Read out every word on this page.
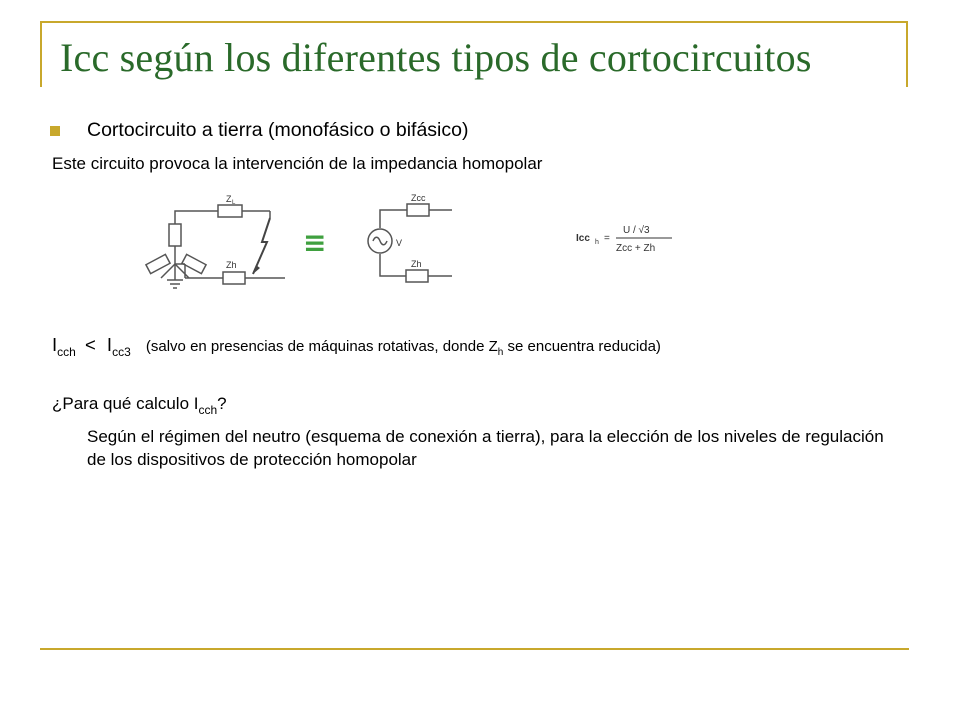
Icc según los diferentes tipos de cortocircuitos
Cortocircuito a tierra (monofásico o bifásico)
Este circuito provoca la intervención de la impedancia homopolar
Z L
Zh
Zcc
V
Zh
≡	Icc h =
U / √3
Zcc + Zh
$I_{cch} < I_{cc3}$ (salvo en presencias de máquinas rotativas, donde $Z_h$ se encuentra reducida)
¿Para qué calculo $I_{cch}$?
Según el régimen del neutro (esquema de conexión a tierra), para la elección de los niveles de regulación de los dispositivos de protección homopolar
